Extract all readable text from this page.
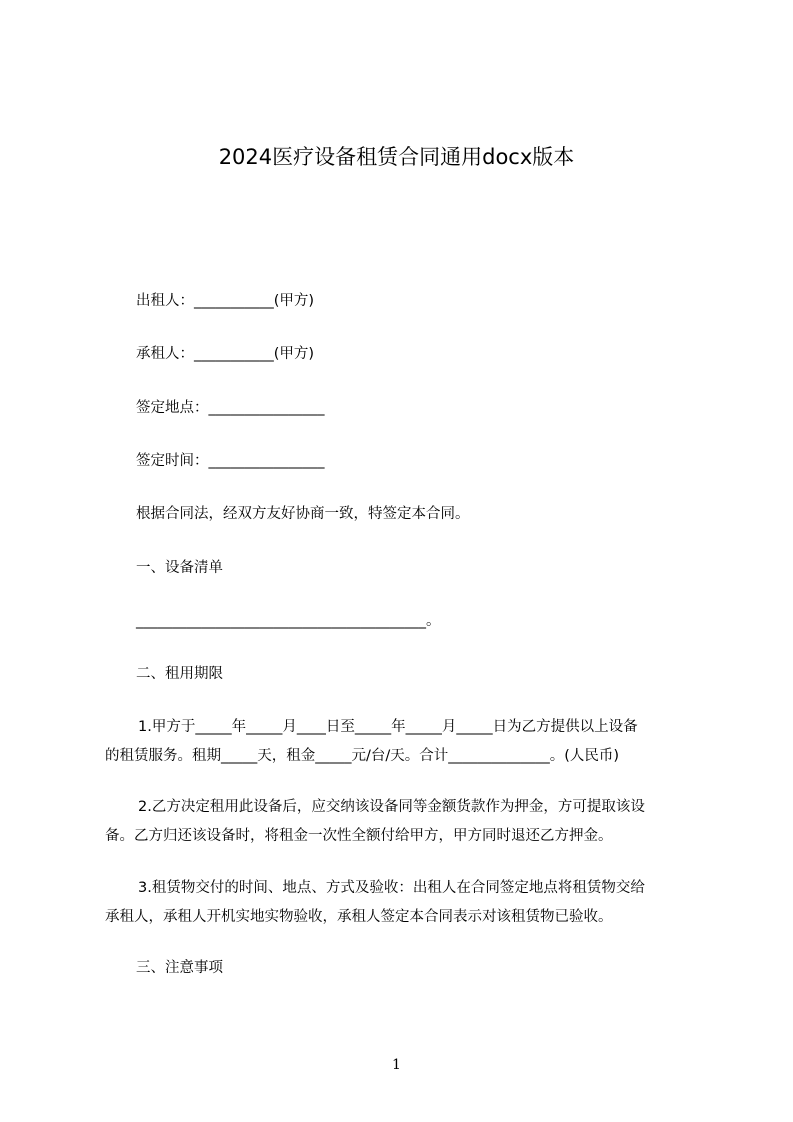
2024医疗设备租赁合同通用docx版本
出租人：___________(甲方)
承租人：___________(甲方)
签定地点：________________
签定时间：________________
根据合同法，经双方友好协商一致，特签定本合同。
一、设备清单
________________________________________。
二、租用期限
1.甲方于_____年_____月____日至_____年_____月_____日为乙方提供以上设备
的租赁服务。租期_____天，租金_____元/台/天。合计______________。(人民币)
2.乙方决定租用此设备后，应交纳该设备同等金额货款作为押金，方可提取该设
备。乙方归还该设备时，将租金一次性全额付给甲方，甲方同时退还乙方押金。
3.租赁物交付的时间、地点、方式及验收：出租人在合同签定地点将租赁物交给
承租人，承租人开机实地实物验收，承租人签定本合同表示对该租赁物已验收。
三、注意事项
1
